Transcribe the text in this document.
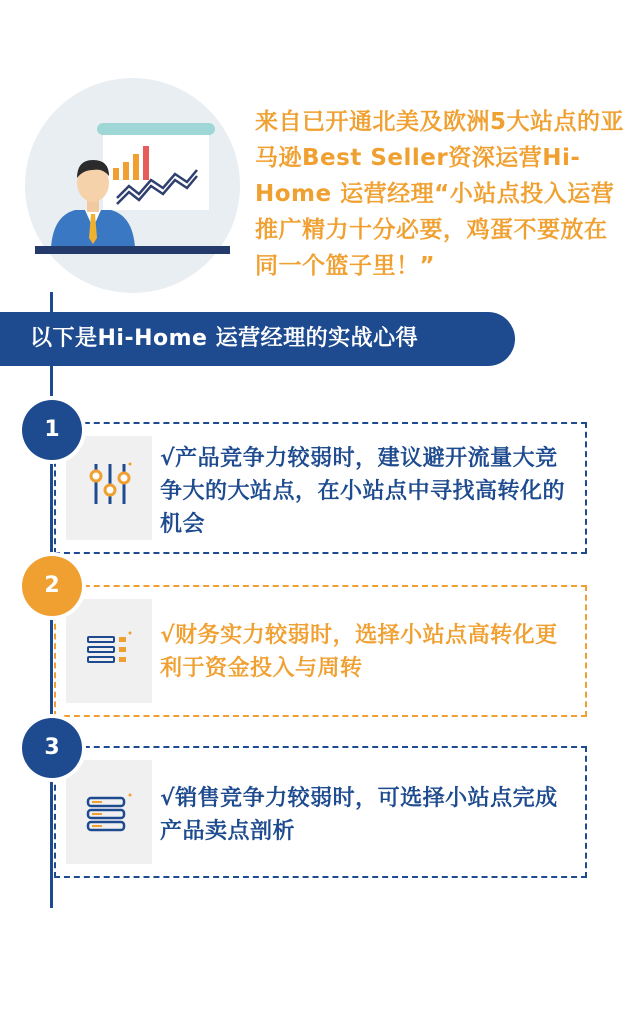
来自已开通北美及欧洲5大站点的亚马逊Best Seller资深运营Hi-Home 运营经理“小站点投入运营推广精力十分必要，鸡蛋不要放在同一个篮子里！”
以下是Hi-Home 运营经理的实战心得
√产品竞争力较弱时，建议避开流量大竞争大的大站点，在小站点中寻找高转化的机会
1
√财务实力较弱时，选择小站点高转化更利于资金投入与周转
2
√销售竞争力较弱时，可选择小站点完成产品卖点剖析
3
